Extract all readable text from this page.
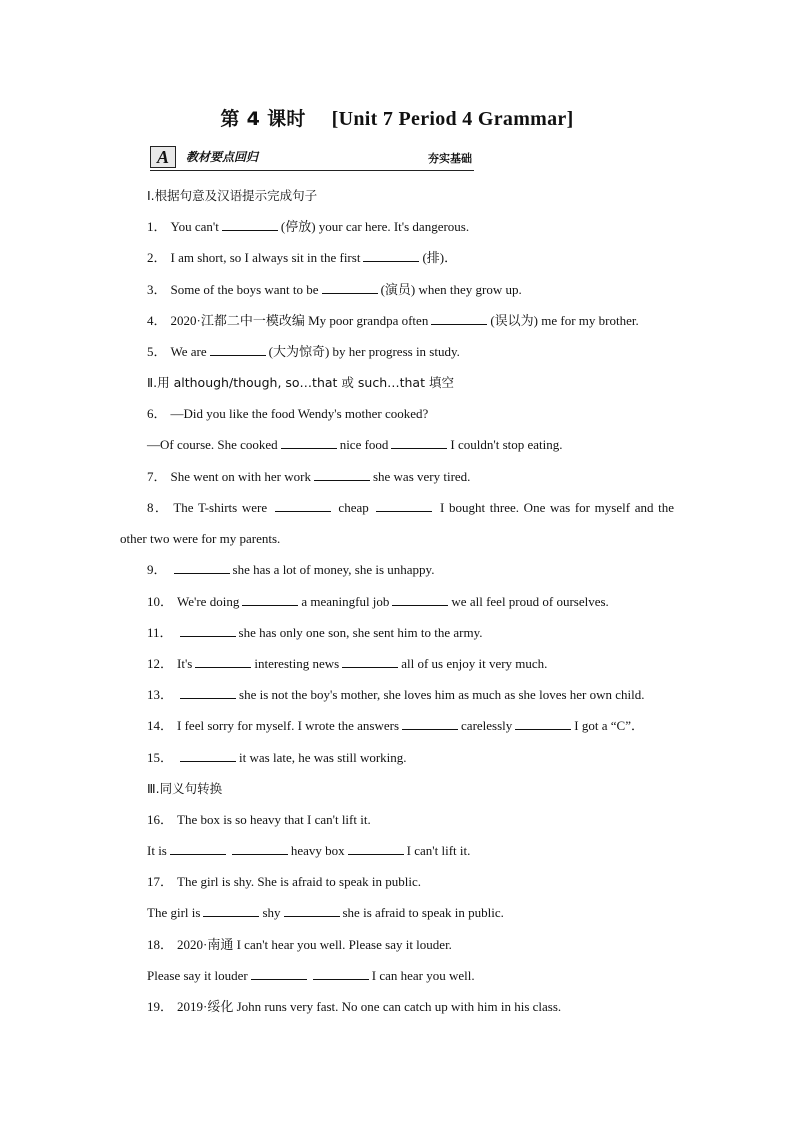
第 4 课时 [Unit 7 Period 4 Grammar]
A	教材要点回归	夯实基础
Ⅰ.根据句意及汉语提示完成句子
1． You can't	(停放) your car here. It's dangerous.
2． I am short, so I always sit in the first	(排)．
3． Some of the boys want to be	(演员) when they grow up.
4． 2020·江都二中一模改编 My poor grandpa often	(误以为) me for my brother.
5． We are	(大为惊奇) by her progress in study.
Ⅱ.用 although/though, so…that 或 such…that 填空
6． —Did you like the food Wendy's mother cooked?
—Of course. She cooked	nice food	I couldn't stop eating.
7． She went on with her work	she was very tired.
8． The T-shirts were	cheap	I bought three. One was for myself and the
other two were for my parents.
9．	she has a lot of money, she is unhappy.
10． We're doing	a meaningful job	we all feel proud of ourselves.
11．	she has only one son, she sent him to the army.
12． It's	interesting news	all of us enjoy it very much.
13．	she is not the boy's mother, she loves him as much as she loves her own child.
14． I feel sorry for myself. I wrote the answers	carelessly	I got a “C”．
15．	it was late, he was still working.
Ⅲ.同义句转换
16． The box is so heavy that I can't lift it.
It is	heavy box	I can't lift it.
17． The girl is shy. She is afraid to speak in public.
The girl is	shy	she is afraid to speak in public.
18． 2020·南通 I can't hear you well. Please say it louder.
Please say it louder	I can hear you well.
19． 2019·绥化 John runs very fast. No one can catch up with him in his class.
